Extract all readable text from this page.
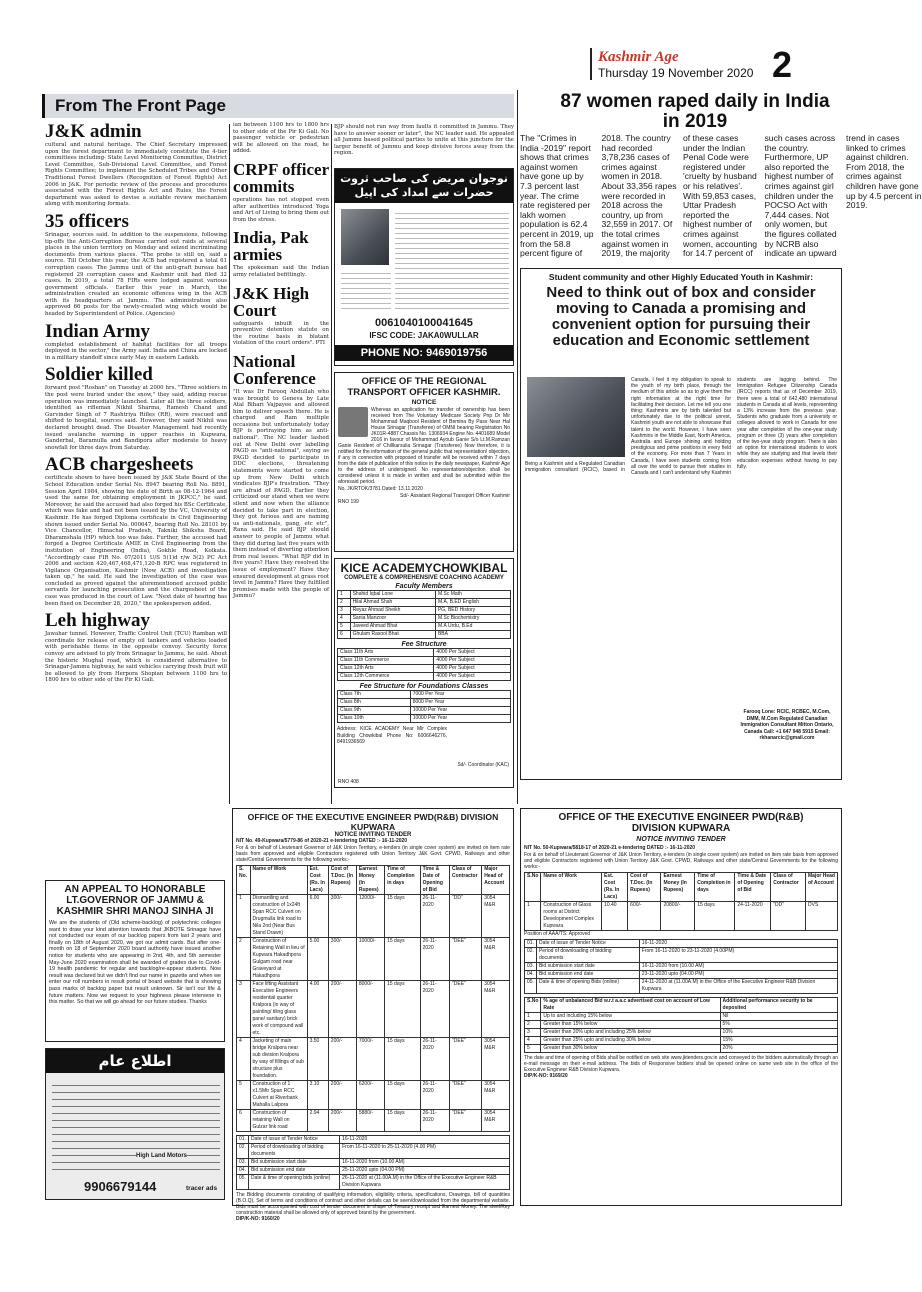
Kashmir Age
Thursday 19 November 2020 2
From The Front Page
J&K admin

cultural and natural heritage. The Chief Secretary impressed upon the forest department to immediately constitute the 4-tier committees including- State Level Monitoring Committee, District Level Committee, Sub-Divisional Level Committee, and Forest Rights Committee; to implement the Scheduled Tribes and Other Traditional Forest Dwellers (Recognition of Forest Rights) Act 2006 in J&K. For periodic review of the process and procedures associated with the Forest Rights Act and Rules, the Forest department was asked to devise a suitable review mechanism along with monitoring formats.

35 officers

Srinagar, sources said. In addition to the suspensions, following tip-offs the Anti-Corruption Bureau carried out raids at several places in the union territory on Monday and seized incriminating documents from various places. "The probe is still on, said a source. Till October this year, the ACB had registered a total 61 corruption cases. The Jammu unit of the anti-graft bureau had registered 29 corruption cases and Kashmir unit had filed 32 cases. In 2019, a total 78 FIRs were lodged against various government officials. Earlier this year in March, the administration created an economic offences wing in the ACB with its headquarters at Jammu. The administration also approved 66 posts for the newly-created wing which would be headed by Superintendent of Police. (Agencies)

Indian Army

completed establishment of habitat facilities for all troops deployed in the sector," the Army said. India and China are locked in a military standoff since early May in eastern Ladakh.

Soldier killed

forward post "Roshan" on Tuesday at 2000 hrs. "Three soldiers in the post were buried under the snow," they said, adding rescue operation was immediately launched. Later all the three soldiers, identified as rifleman Nikhil Sharma, Ramesh Chand and Gurvinder Singh of 7 Rashtriya Rifles (RR), were rescued and shifted to hospital, sources said. However, they said Nikhil was declared brought dead. The Disaster Management had recently issued avalanche warning in upper reaches in Kupwara, Ganderbal, Baramulla and Bandipora after moderate to heavy snowfall for three days from Saturday.

ACB chargesheets

certificate shown to have been issued by J&K State Board of the School Education under Serial No. 8947 bearing Roll No. 8891, Session April 1984, showing his date of Birth as 08-12-1964 and used the same for obtaining employment in JKPCC," he said. Moreover, he said the accused had also forged his BSc Certificate, which was fake and had not been issued by the VC, University of Kashmir. He has forged Diploma certificate in Civil Engineering shown issued under Serial No. 000647, bearing Roll No. 28101 by Vice Chancellor, Himachal Pradesh, Takniki Shiksha Board, Dharamshala (HP) which too was fake. Further, the accused had forged a Degree Certificate AMIE in Civil Engineering from the institution of Engineering (India), Gokhle Road, Kolkata. "Accordingly case FIR No. 07/2011 U/S 5(1)d r/w 5(2) PC Act 2006 and section 420,467,468,471,120-B RPC was registered in Vigilance Organisation, Kashmir (Now ACB) and investigation taken up," he said. He said the investigation of the case was concluded as proved against the aforementioned accused public servants for launching prosecution and the chargesheet of the case was produced in the court of Law. "Next date of hearing has been fixed on December 28, 2020," the spokesperson added.

Leh highway

Jawahar tunnel. However, Traffic Control Unit (TCU) Ramban will coordinate for release of empty oil tankers and vehicles loaded with perishable items in the opposite convoy. Security force convoy are advised to ply from Srinagar to Jammu, he said. About the historic Mughal road, which is considered alternative to Srinagar-Jammu highway, he said vehicles carrying fresh fruit will be allowed to ply from Herpora Shopian between 1100 hrs to 1800 hrs to other side of the Pir Ki Gali.

ian between 1100 hrs to 1800 hrs to other side of the Pir Ki Gali. No passenger vehicle or pedestrian will be allowed on the road, he added.

CRPF officer commits

operations has not stopped even after authorities introduced Yoga and Art of Living to bring them out from the stress.

India, Pak armies

The spokesman said the Indian army retaliated befittingly.

J&K High Court

safeguards inbuilt in the preventive detention statute on the routine basis in blatant violation of the court orders". PTI

National Conference

"It was Dr Farooq Abdullah who was brought to Geneva by Late Atal Bihari Vajpayee and allowed him to deliver speech there. He is charged and Ram multiple occasions but unfortunately today BJP is portraying him as anti-national". The NC leader lashed out at New Delhi over labelling PAGD as "anti-national", saying as PAGD decided to participate in DDC elections, threatening statements were started to come up from New Delhi which vindicates BJP's frustration. "They are afraid of PAGD. Earlier they criticized our stand when we were silent and now when the alliance decided to take part in election, they got furious and are naming us anti-nationals, gang, etc etc", Rana said. He said BJP should answer to people of Jammu what they did during last five years with them instead of diverting attention from real issues. "What BJP did in five years? Have they resolved the issue of employment? Have they ensured development at grass root level in Jammu? Have they fulfilled promises made with the people of Jammu?

BJP should not run way from faults it committed in Jammu. They have to answer sooner or later", the NC leader said. He appealed all Jammu based political parties to unite at this juncture for the larger benefit of Jammu and keep divisive forces away from the region.

نوجوان مریض کی صاحب ثروت حضرات سے امداد کی اپیل
0061040100041645
IFSC CODE: JAKA0WULLAR
PHONE NO: 9469019756
OFFICE OF THE REGIONAL TRANSPORT OFFICER KASHMIR.
NOTICE

Whereas an application for transfer of ownership has been received from The Voluntary Medicare Society Pnp Dr Mir Mohammad Maqbool Resident of Bemina By Pass Near Hal House Srinagar (Transferee) of OMNI bearing Registration No JK01R-4887 Chassis No. 1306934 Engine No. 4401689 Model 2016 in favour of Mohammad Ayoub Ganie S/o Lt.M.Ramzan Ganie Resident of Chillkarsulia Srinagar (Transferee) Now therefore, it is notified for the information of the general public that representation/ objection, if any in connection with proposed of transfer will be received within 7 days from the date of publication of this notice in the daily newspaper, Kashmir Age to the address of undersigned. No representation/objection shall be considered unless it is made in written and shall be submitted within the aforesaid period.

No. JK/RTOK/3781 Dated: 13.11.2020

Sd/- Assistant Regional Transport Officer Kashmir

RNO 199

KICE ACADEMYCHOWKIBAL
COMPLETE & COMPREHENSIVE COACHING ACADEMY
Faculty Members
1	Shahid Iqbal Lone	M.Sc Math
2	Hilal Ahmad Shah	M.A, B.ED English
3	Reyaz Ahmad Sheikh	PG, BED History
4	Sania Manzoor	M.Sc Biochemistry
5	Javeed Ahmad Bhat	M.A Urdu, B.Ed
6	Ghulam Rasool Bhat	BBA
Fee Structure
Class 11th Arts	4000 Per Subject
Class 11th Commerce	4000 Per Subject
Class 12th Arts	4000 Per Subject
Class 12th Commerce	4000 Per Subject
Fee Structure for Foundations Classes
Class 7th	7000 Per Year
Class 8th	8000 Per Year
Class 9th	10000 Per Year
Class 10th	10000 Per Year

Address: KICE ACADEMY Near Mir Complex Building Chowkibal Phone No: 6006646276, 8491936569

Sd/- Coordinator (KAC)

RNO 408

87 women raped daily in India in 2019

The "Crimes in India -2019" report shows that crimes against women have gone up by 7.3 percent last year. The crime rate registered per lakh women population is 62.4 percent in 2019, up from the 58.8 percent figure of 2018. The country had recorded 3,78,236 cases of crimes against women in 2018. About 33,356 rapes were recorded in 2018 across the country, up from 32,559 in 2017. Of the total crimes against women in 2019, the majority of these cases under the Indian Penal Code were registered under 'cruelty by husband or his relatives'. With 59,853 cases, Uttar Pradesh reported the highest number of crimes against women, accounting for 14.7 percent of such cases across the country. Furthermore, UP also reported the highest number of crimes against girl children under the POCSO Act with 7,444 cases. Not only women, but the figures collated by NCRB also indicate an upward trend in cases linked to crimes against children. From 2018, the crimes against children have gone up by 4.5 percent in 2019.

Student community and other Highly Educated Youth in Kashmir:
Need to think out of box and consider moving to Canada a promising and convenient option for pursuing their education and Economic settlement

Being a Kashmiri and a Regulated Canadian immigration consultant (RCIC), based in Canada, I feel it my obligation to speak to the youth of my birth place, through the medium of this article so as to give them the right information at the right time for facilitating their decision. Let me tell you one thing: Kashmiris are by birth talented but unfortunately due to the political unrest, Kashmiri youth are not able to showcase that talent to the world. However, I have seen Kashmiris in the Middle East, North America, Australia and Europe shining and holding prestigious and prime positions in every field of the economy. For more than 7 Years in Canada, I have seen students coming from all over the world to pursue their studies in Canada and I can't understand why Kashmiri students are lagging behind. The Immigration Refugee Citizenship Canada (IRCC) reports that as of December 2019, there were a total of 642,480 international students in Canada at all levels, representing a 13% increase from the previous year. Students who graduate from a university or colleges allowed to work in Canada for one year after completion of the one-year study program or three (3) years after completion of the two-year study program. There is also an option for international students to work while they are studying and that levels their education expenses without having to pay fully.

Farooq Lone: RCIC, RCBEC, M.Com, DMM, M.Com Regulated Canadian Immigration Consultant Mitton Ontario, Canada Call: +1 647 948 5915 Email: rkhanarcic@gmail.com

AN APPEAL TO HONORABLE LT.GOVERNOR OF JAMMU & KASHMIR SHRI MANOJ SINHA JI

We are the students of (Old scheme-backlog) of polytechnic colleges want to draw your kind attention towards that JKBOTE Srinagar have not conducted our exam of our backlog papers from last 2 years and finally on 18th of August 2020, we got our admit cards. But after one-month on 18 of September 2020 board authority have issued another notice for students who are appearing in 2nd, 4th, and 5th semester May-June 2020 examination shall be awarded of grades due to Covid-19 health pandemic for regular and backlog/re-appear students. Now result was declared but we didn't find our name in gazette and when we enter our roll numbers in result portal of board website that is showing pass marks of backlog paper but result unknown. Sir isn't our life & future matters. Now we request to your highness please intervene in this matter. So that we will go ahead for our future studies. Thanks

اطلاع عام
High Land Motors
9906679144	tracer ads
OFFICE OF THE EXECUTIVE ENGINEER PWD(R&B) DIVISION KUPWARA
NOTICE INVITING TENDER

NIT No. 49-Kupwara/5779-86 of 2020-21 e-tendering DATED :- 16-11-2020

For & on behalf of Lieutenant Governor of J&K Union Territory, e-tenders (in single cover system) are invited on item rate basis from approved and eligible Contractors registered with Union Territory J&K Govt. CPWD, Railways and other state/Central Governments for the following works:-

S. No.	Name of Work	Est. Cost (Rs. In Lacs)	Cost of T.Doc. (In Rupees)	Earnest Money (In Rupees)	Time of Completion in days	Time & Date of Opening of Bid	Class of Contractor	Major Head of Account
1	Dismantling and construction of 1x24ft Span RCC Culvert on Drugmulla link road to Nila 2nd (Near Bus Stand Drawn)	6.00	300/-	12000/-	15 days	26-11-2020	"DD"	3054 M&R
2	Construction of Retaining Wall in lieu of Kupwara Hakadhpora Gulgam road near Graveyard at Hakadhpora	5.00	300/-	10000/-	15 days	26-11-2020	"DEE"	3054 M&R
3	Face lifting Assistant Executive Engineers residential quarter Kralpora (in way of painting/ tiling glass pane/ sanitary) brick work of compound wall etc.	4.00	200/-	8000/-	15 days	26-11-2020	"DEE"	3054 M&R
4	Jacketing of main bridge Kralpora near sub division Kralpora by way of fillings of sub structure plus foundation.	3.50	200/-	7000/-	15 days	26-11-2020	"DEE"	3054 M&R
5	Construction of 1 x1.5Mtr Span RCC Culvert at Riverbank Mahalla Lalpora	3.10	200/-	6200/-	15 days	26-11-2020	"DEE"	3054 M&R
6	Construction of retaining Wall on Gulzar link road	2.94	200/-	5880/-	15 days	26-11-2020	"DEE"	3054 M&R
01.	Date of issue of Tender Notice	16-11-2020
02.	Period of downloading of bidding documents	From 16-11-2020 to 25-11-2020 (4.00 PM)
03.	Bid submission start date	16-11-2020 from (10.00 AM)
04.	Bid submission end date	25-11-2020 upto (04.00 PM)
05.	Date & time of opening bids (online)	26-11-2020 at (11.00A.M) in the Office of the Executive Engineer R&B Division Kupwara

The Bidding documents consisting of qualifying information, eligibility criteria, specifications, Drawings, bill of quantities (B.O.Q), Set of terms and conditions of contract and other details can be seen/downloaded from the departmental website. Bids must be accompanied with cost of tender document in shape of Treasury receipt and Earnest Money. The steel/Key construction material shall be allowed only of approved brand by the government.

DIP/K-NO: 9160/20

OFFICE OF THE EXECUTIVE ENGINEER PWD(R&B) DIVISION KUPWARA
NOTICE INVITING TENDER

NIT No. 50-Kupwara/5818-17 of 2020-21 e-tendering DATED :- 16-11-2020

For & on behalf of Lieutenant Governor of J&K Union Territory, e-tenders (in single cover system) are invited on item rate basis from approved and eligible Contractors registered with Union Territory J&K Govt. CPWD, Railways and other state/Central Governments for the following works:-

S.No	Name of Work	Est. Cost (Rs. In Lacs)	Cost of T.Doc. (In Rupees)	Earnest Money (In Rupees)	Time of Completion in days	Time & Date of Opening of Bid	Class of Contractor	Major Head of Account
1	Construction of Glass rooms at District Development Complex Kupwara	10.40	600/-	20800/-	15 days	24-11-2020	"DD"	DVS

Position of AAA/TS: Approved

01.	Date of issue of Tender Notice	16-11-2020
02.	Period of downloading of bidding documents	From 16-11-2020 to 23-11-2020 (4.00PM)
03.	Bid submission start date	16-11-2020 from (10.00 AM)
04.	Bid submission end date	23-11-2020 upto (04.00 PM)
05.	Date & time of opening Bids (online)	24-11-2020 at (11.00A.M) in the Office of the Executive Engineer R&B Division Kupwara
S.No	% age of unbalanced Bid w.r.t a.a.c advertised cost on account of Low Rate	Additional performance security to be deposited
1	Up to and including 15% below	Nil
2	Greater than 15% below	5%
3	Greater than 20% upto and including 25% below	10%
4	Greater than 25% upto and including 30% below	15%
5	Greater than 30% below	20%

The date and time of opening of Bids shall be notified on web site www.jktenders.gov.in and conveyed to the bidders automatically through an e-mail message on their e-mail address. The bids of Responsive bidders shall be opened online on same web site in the office of the Executive Engineer R&B Division Kupwara.

DIP/K-NO: 9169/20
